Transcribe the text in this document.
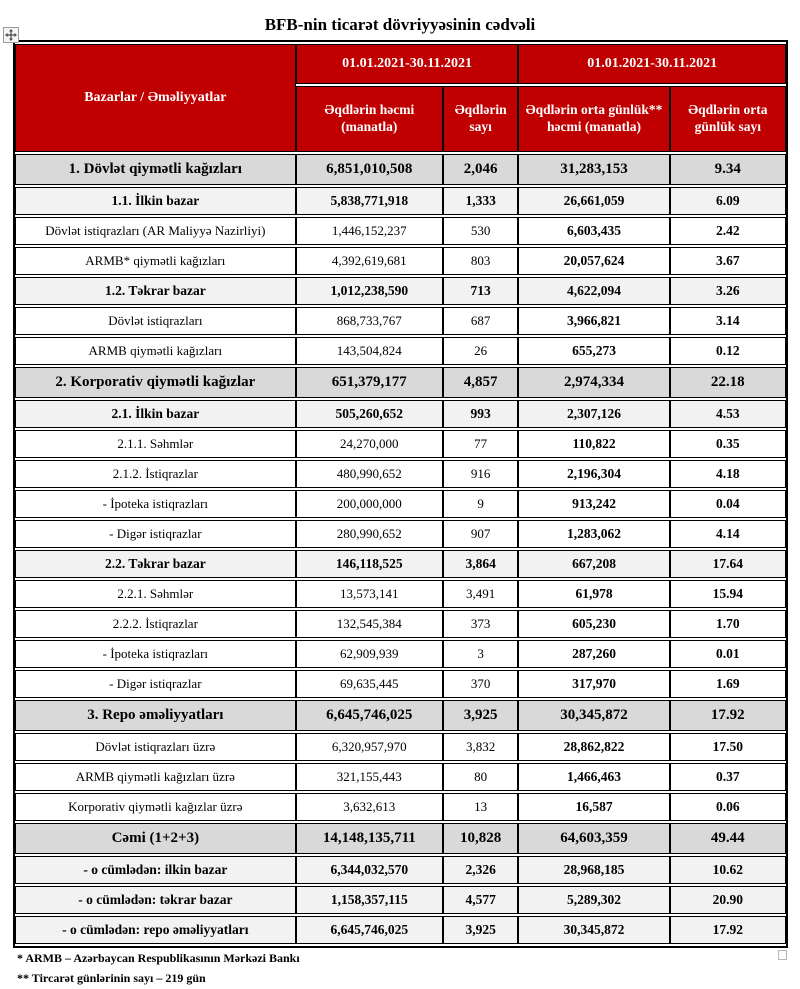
BFB-nin ticarət dövriyyəsinin cədvəli
Bazarlar / Əməliyyatlar	01.01.2021-30.11.2021		01.01.2021-30.11.2021	
	Əqdlərin həcmi (manatla)	Əqdlərin sayı	Əqdlərin orta günlük** həcmi (manatla)	Əqdlərin orta günlük sayı
1. Dövlət qiymətli kağızları	6,851,010,508	2,046	31,283,153	9.34
1.1. İlkin bazar	5,838,771,918	1,333	26,661,059	6.09
Dövlət istiqrazları (AR Maliyyə Nazirliyi)	1,446,152,237	530	6,603,435	2.42
ARMB* qiymətli kağızları	4,392,619,681	803	20,057,624	3.67
1.2. Təkrar bazar	1,012,238,590	713	4,622,094	3.26
Dövlət istiqrazları	868,733,767	687	3,966,821	3.14
ARMB qiymətli kağızları	143,504,824	26	655,273	0.12
2. Korporativ qiymətli kağızlar	651,379,177	4,857	2,974,334	22.18
2.1. İlkin bazar	505,260,652	993	2,307,126	4.53
2.1.1. Səhmlər	24,270,000	77	110,822	0.35
2.1.2. İstiqrazlar	480,990,652	916	2,196,304	4.18
- İpoteka istiqrazları	200,000,000	9	913,242	0.04
- Digər istiqrazlar	280,990,652	907	1,283,062	4.14
2.2. Təkrar bazar	146,118,525	3,864	667,208	17.64
2.2.1. Səhmlər	13,573,141	3,491	61,978	15.94
2.2.2. İstiqrazlar	132,545,384	373	605,230	1.70
- İpoteka istiqrazları	62,909,939	3	287,260	0.01
- Digər istiqrazlar	69,635,445	370	317,970	1.69
3. Repo əməliyyatları	6,645,746,025	3,925	30,345,872	17.92
Dövlət istiqrazları üzrə	6,320,957,970	3,832	28,862,822	17.50
ARMB qiymətli kağızları üzrə	321,155,443	80	1,466,463	0.37
Korporativ qiymətli kağızlar üzrə	3,632,613	13	16,587	0.06
Cəmi (1+2+3)	14,148,135,711	10,828	64,603,359	49.44
- o cümlədən: ilkin bazar	6,344,032,570	2,326	28,968,185	10.62
- o cümlədən: təkrar bazar	1,158,357,115	4,577	5,289,302	20.90
- o cümlədən: repo əməliyyatları	6,645,746,025	3,925	30,345,872	17.92
* ARMB – Azərbaycan Respublikasının Mərkəzi Bankı
** Tircarət günlərinin sayı – 219 gün
